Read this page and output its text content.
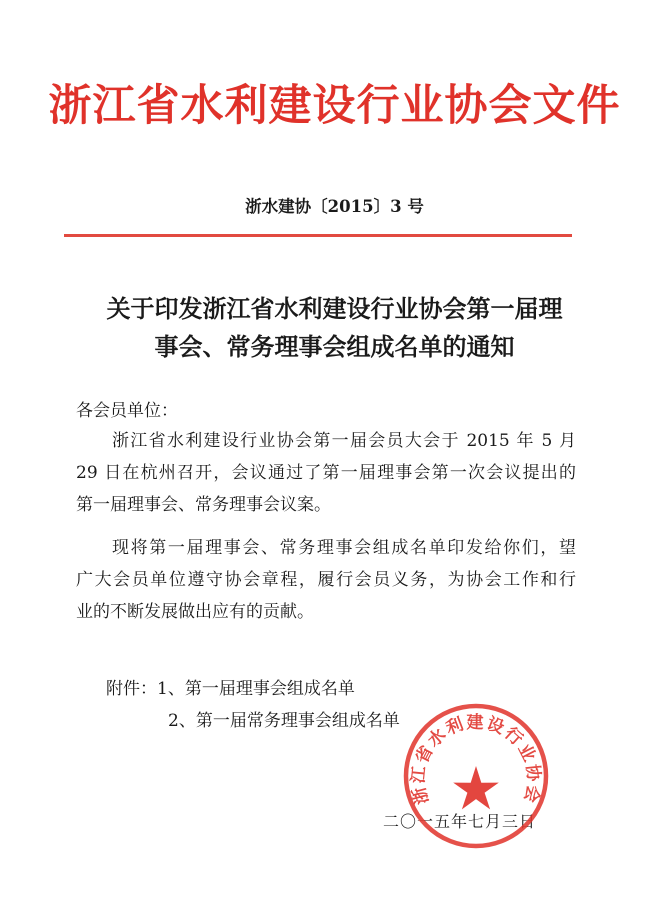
浙江省水利建设行业协会文件
浙水建协〔2015〕3 号
关于印发浙江省水利建设行业协会第一届理
事会、常务理事会组成名单的通知
各会员单位：
浙江省水利建设行业协会第一届会员大会于 2015 年 5 月
29 日在杭州召开，会议通过了第一届理事会第一次会议提出的
第一届理事会、常务理事会议案。
现将第一届理事会、常务理事会组成名单印发给你们，望
广大会员单位遵守协会章程，履行会员义务，为协会工作和行
业的不断发展做出应有的贡献。
附件：1、第一届理事会组成名单
2、第一届常务理事会组成名单
二〇一五年七月三日
浙江省水利建设行业协会
